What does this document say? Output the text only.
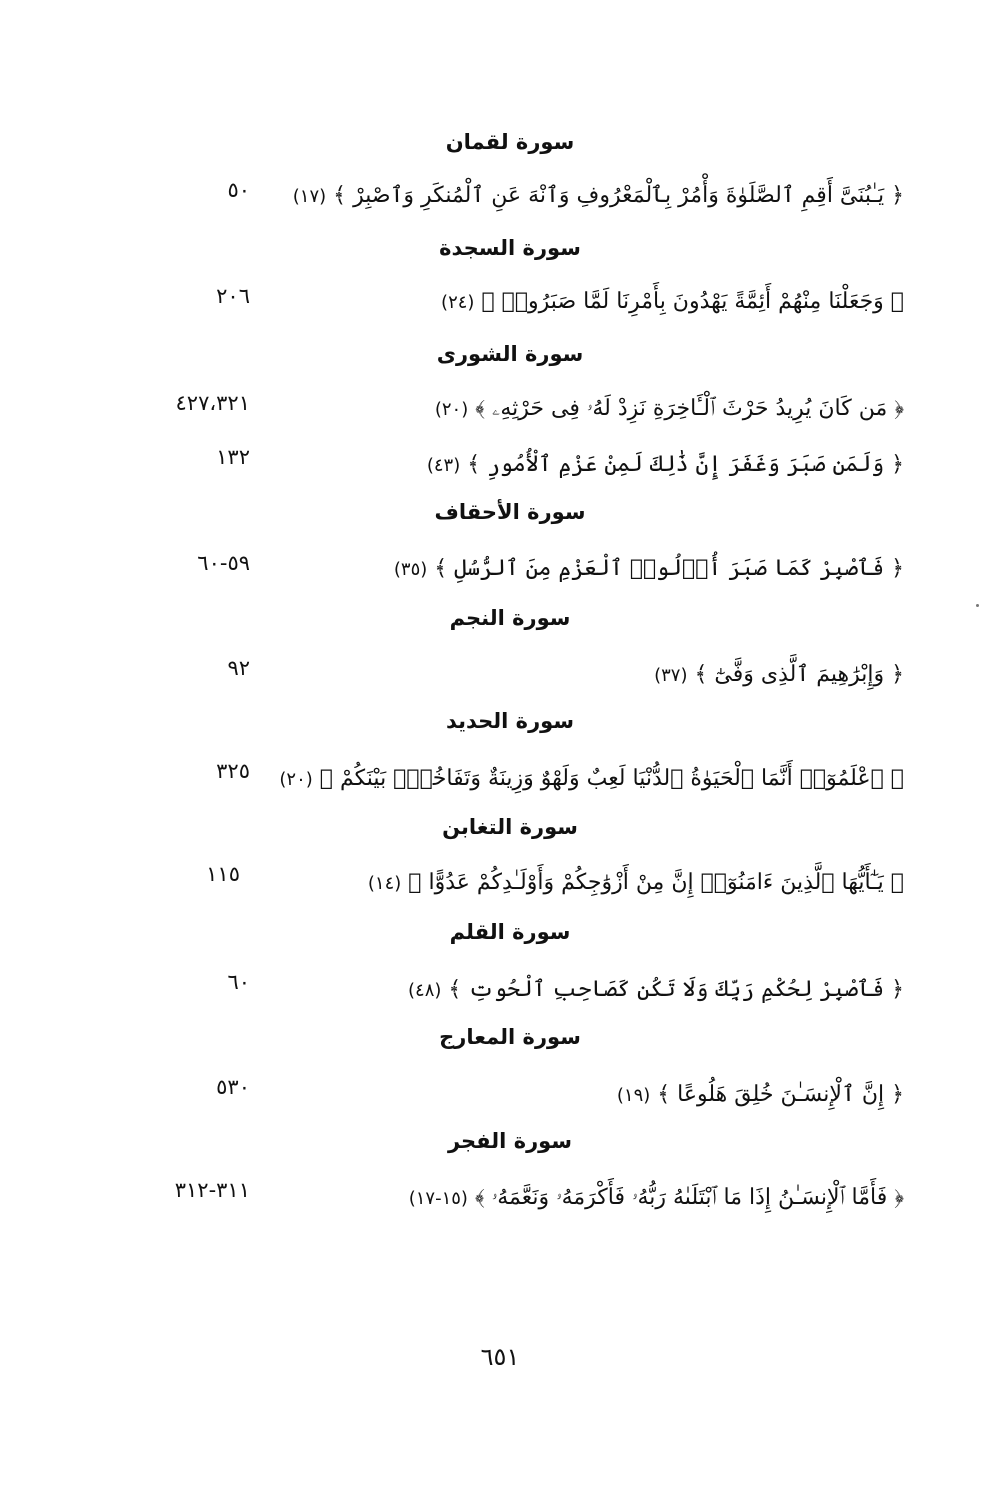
سورة لقمان
﴿ يَـٰبُنَىَّ أَقِمِ ٱلصَّلَوٰةَ وَأْمُرْ بِٱلْمَعْرُوفِ وَٱنْهَ عَنِ ٱلْمُنكَرِ وَٱصْبِرْ ﴾ (١٧)
٥٠
سورة السجدة
﴿ وَجَعَلْنَا مِنْهُمْ أَئِمَّةً يَهْدُونَ بِأَمْرِنَا لَمَّا صَبَرُوا۟ ﴾ (٢٤)
٢٠٦
سورة الشورى
﴿ مَن كَانَ يُرِيدُ حَرْثَ ٱلْـَٔاخِرَةِ نَزِدْ لَهُۥ فِى حَرْثِهِۦ ﴾ (٢٠)
٤٢٧،٣٢١
﴿ وَلَمَن صَبَرَ وَغَفَرَ إِنَّ ذَٰلِكَ لَمِنْ عَزْمِ ٱلْأُمُورِ ﴾ (٤٣)
١٣٢
سورة الأحقاف
﴿ فَٱصْبِرْ كَمَا صَبَرَ أُو۟لُوا۟ ٱلْعَزْمِ مِنَ ٱلرُّسُلِ ﴾ (٣٥)
٥٩-٦٠
سورة النجم
﴿ وَإِبْرَٰهِيمَ ٱلَّذِى وَفَّىٰٓ ﴾ (٣٧)
٩٢
سورة الحديد
﴿ ٱعْلَمُوٓا۟ أَنَّمَا ٱلْحَيَوٰةُ ٱلدُّنْيَا لَعِبٌ وَلَهْوٌ وَزِينَةٌ وَتَفَاخُرٌۢ بَيْنَكُمْ ﴾ (٢٠)
٣٢٥
سورة التغابن
﴿ يَـٰٓأَيُّهَا ٱلَّذِينَ ءَامَنُوٓا۟ إِنَّ مِنْ أَزْوَٰجِكُمْ وَأَوْلَـٰدِكُمْ عَدُوًّا ﴾ (١٤)
١١٥
سورة القلم
﴿ فَٱصْبِرْ لِحُكْمِ رَبِّكَ وَلَا تَكُن كَصَاحِبِ ٱلْحُوتِ ﴾ (٤٨)
٦٠
سورة المعارج
﴿ إِنَّ ٱلْإِنسَـٰنَ خُلِقَ هَلُوعًا ﴾ (١٩)
٥٣٠
سورة الفجر
﴿ فَأَمَّا ٱلْإِنسَـٰنُ إِذَا مَا ٱبْتَلَىٰهُ رَبُّهُۥ فَأَكْرَمَهُۥ وَنَعَّمَهُۥ ﴾ (١٥-١٧)
٣١١-٣١٢
٦٥١
